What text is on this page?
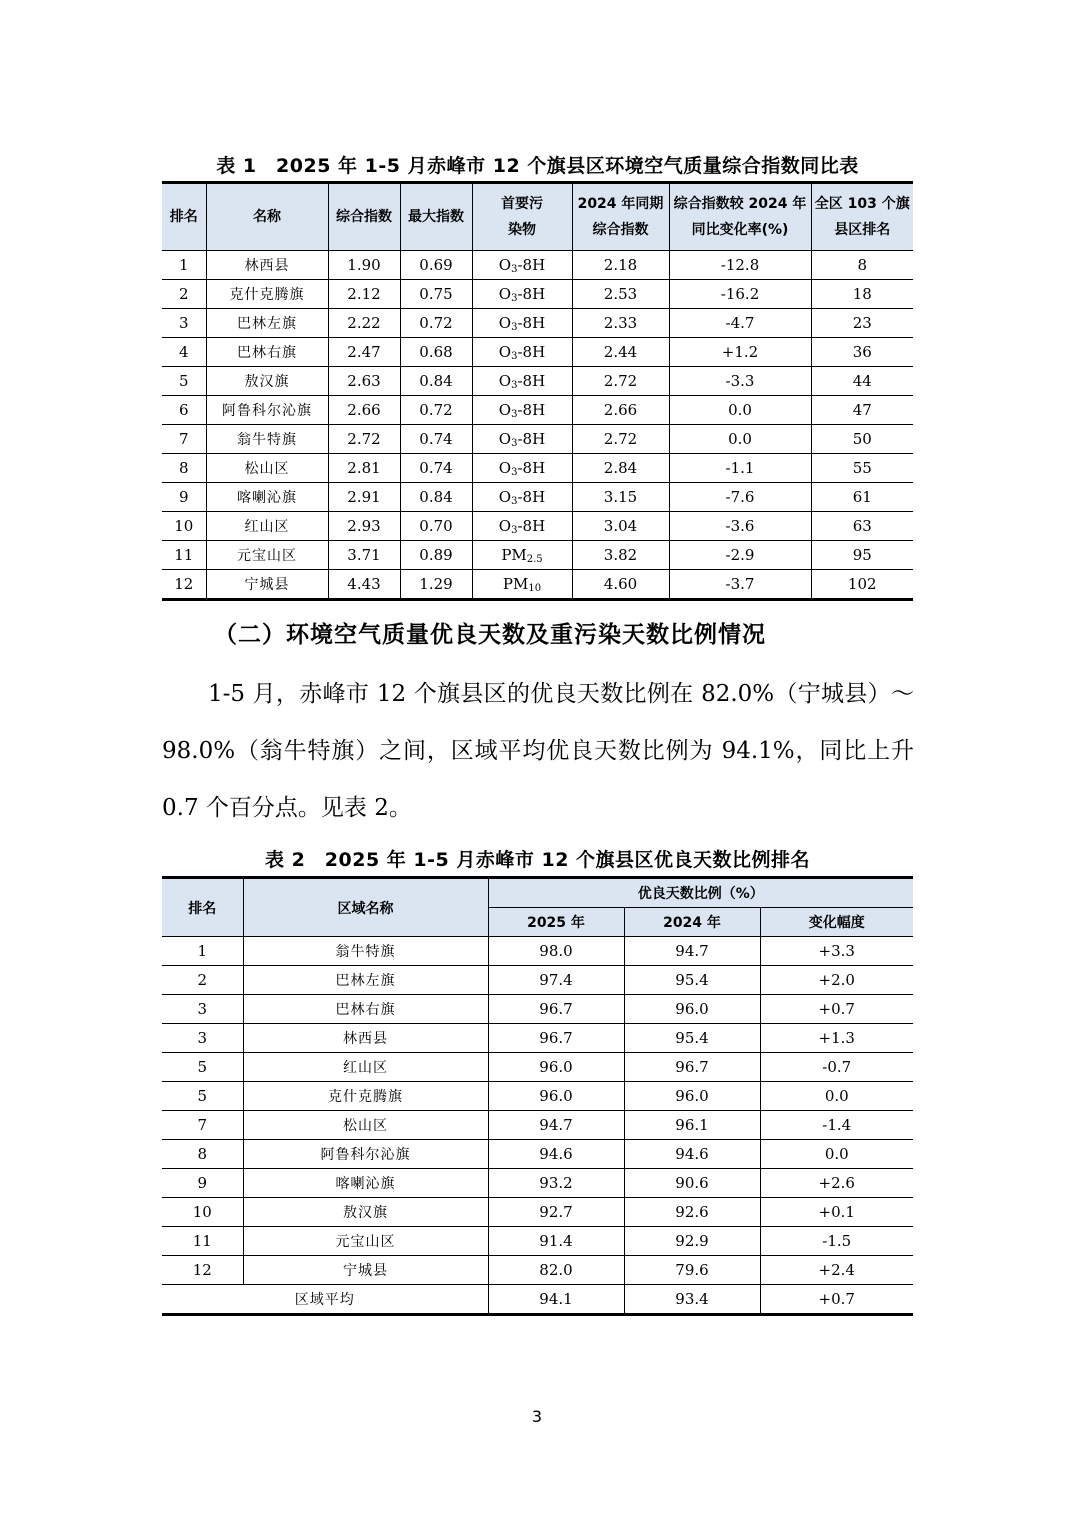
表 1　2025 年 1-5 月赤峰市 12 个旗县区环境空气质量综合指数同比表
排名	名称	综合指数	最大指数	首要污染物	2024 年同期综合指数	综合指数较 2024 年同比变化率(%)	全区 103 个旗县区排名
1	林西县	1.90	0.69	$O_3-8H$	2.18	-12.8	8
2	克什克腾旗	2.12	0.75	$O_3-8H$	2.53	-16.2	18
3	巴林左旗	2.22	0.72	$O_3-8H$	2.33	-4.7	23
4	巴林右旗	2.47	0.68	$O_3-8H$	2.44	+1.2	36
5	敖汉旗	2.63	0.84	$O_3-8H$	2.72	-3.3	44
6	阿鲁科尔沁旗	2.66	0.72	$O_3-8H$	2.66	0.0	47
7	翁牛特旗	2.72	0.74	$O_3-8H$	2.72	0.0	50
8	松山区	2.81	0.74	$O_3-8H$	2.84	-1.1	55
9	喀喇沁旗	2.91	0.84	$O_3-8H$	3.15	-7.6	61
10	红山区	2.93	0.70	$O_3-8H$	3.04	-3.6	63
11	元宝山区	3.71	0.89	$PM_{2.5}$	3.82	-2.9	95
12	宁城县	4.43	1.29	$PM_{10}$	4.60	-3.7	102
（二）环境空气质量优良天数及重污染天数比例情况
1-5 月，赤峰市 12 个旗县区的优良天数比例在 82.0%（宁城县）～98.0%（翁牛特旗）之间，区域平均优良天数比例为 94.1%，同比上升 0.7 个百分点。见表 2。
表 2　2025 年 1-5 月赤峰市 12 个旗县区优良天数比例排名
排名	区域名称	优良天数比例（%）		
		2025 年	2024 年	变化幅度
1	翁牛特旗	98.0	94.7	+3.3
2	巴林左旗	97.4	95.4	+2.0
3	巴林右旗	96.7	96.0	+0.7
3	林西县	96.7	95.4	+1.3
5	红山区	96.0	96.7	-0.7
5	克什克腾旗	96.0	96.0	0.0
7	松山区	94.7	96.1	-1.4
8	阿鲁科尔沁旗	94.6	94.6	0.0
9	喀喇沁旗	93.2	90.6	+2.6
10	敖汉旗	92.7	92.6	+0.1
11	元宝山区	91.4	92.9	-1.5
12	宁城县	82.0	79.6	+2.4
区域平均		94.1	93.4	+0.7
3
